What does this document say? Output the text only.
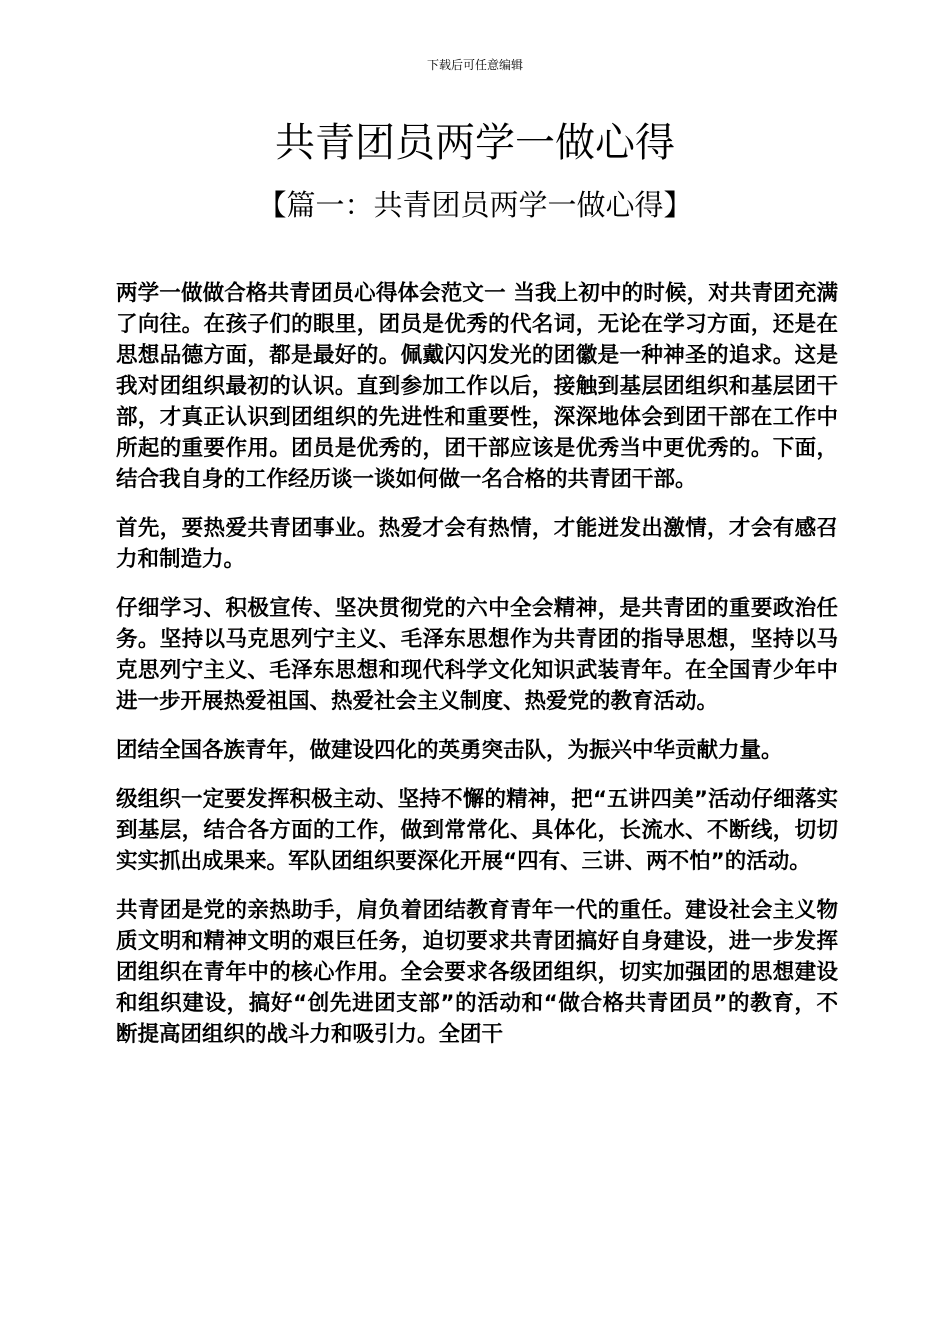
下载后可任意编辑
共青团员两学一做心得
【篇一：共青团员两学一做心得】

两学一做做合格共青团员心得体会范文一 当我上初中的时候，对共青团充满了向往。在孩子们的眼里，团员是优秀的代名词，无论在学习方面，还是在思想品德方面，都是最好的。佩戴闪闪发光的团徽是一种神圣的追求。这是我对团组织最初的认识。直到参加工作以后，接触到基层团组织和基层团干部，才真正认识到团组织的先进性和重要性，深深地体会到团干部在工作中所起的重要作用。团员是优秀的，团干部应该是优秀当中更优秀的。下面，结合我自身的工作经历谈一谈如何做一名合格的共青团干部。

首先，要热爱共青团事业。热爱才会有热情，才能迸发出激情，才会有感召力和制造力。

仔细学习、积极宣传、坚决贯彻党的六中全会精神，是共青团的重要政治任务。坚持以马克思列宁主义、毛泽东思想作为共青团的指导思想，坚持以马克思列宁主义、毛泽东思想和现代科学文化知识武装青年。在全国青少年中进一步开展热爱祖国、热爱社会主义制度、热爱党的教育活动。

团结全国各族青年，做建设四化的英勇突击队，为振兴中华贡献力量。

级组织一定要发挥积极主动、坚持不懈的精神，把“五讲四美”活动仔细落实到基层，结合各方面的工作，做到常常化、具体化，长流水、不断线，切切实实抓出成果来。军队团组织要深化开展“四有、三讲、两不怕”的活动。

共青团是党的亲热助手，肩负着团结教育青年一代的重任。建设社会主义物质文明和精神文明的艰巨任务，迫切要求共青团搞好自身建设，进一步发挥团组织在青年中的核心作用。全会要求各级团组织，切实加强团的思想建设和组织建设，搞好“创先进团支部”的活动和“做合格共青团员”的教育，不断提高团组织的战斗力和吸引力。全团干
